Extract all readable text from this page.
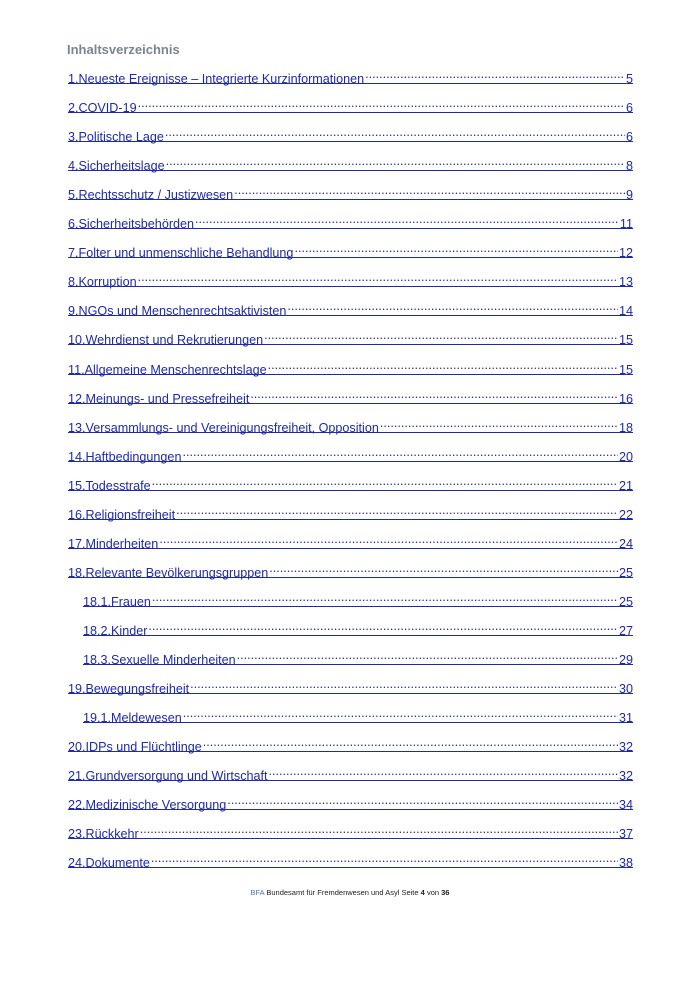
Inhaltsverzeichnis
1.Neueste Ereignisse – Integrierte Kurzinformationen .....	5
2.COVID-19 .....	6
3.Politische Lage .....	6
4.Sicherheitslage .....	8
5.Rechtsschutz / Justizwesen .....	9
6.Sicherheitsbehörden .....	11
7.Folter und unmenschliche Behandlung .....	12
8.Korruption .....	13
9.NGOs und Menschenrechtsaktivisten .....	14
10.Wehrdienst und Rekrutierungen .....	15
11.Allgemeine Menschenrechtslage .....	15
12.Meinungs- und Pressefreiheit .....	16
13.Versammlungs- und Vereinigungsfreiheit, Opposition .....	18
14.Haftbedingungen .....	20
15.Todesstrafe .....	21
16.Religionsfreiheit .....	22
17.Minderheiten .....	24
18.Relevante Bevölkerungsgruppen .....	25
18.1.Frauen .....	25
18.2.Kinder .....	27
18.3.Sexuelle Minderheiten .....	29
19.Bewegungsfreiheit .....	30
19.1.Meldewesen .....	31
20.IDPs und Flüchtlinge .....	32
21.Grundversorgung und Wirtschaft .....	32
22.Medizinische Versorgung .....	34
23.Rückkehr .....	37
24.Dokumente .....	38
BFA Bundesamt für Fremdenwesen und Asyl Seite 4 von 36
